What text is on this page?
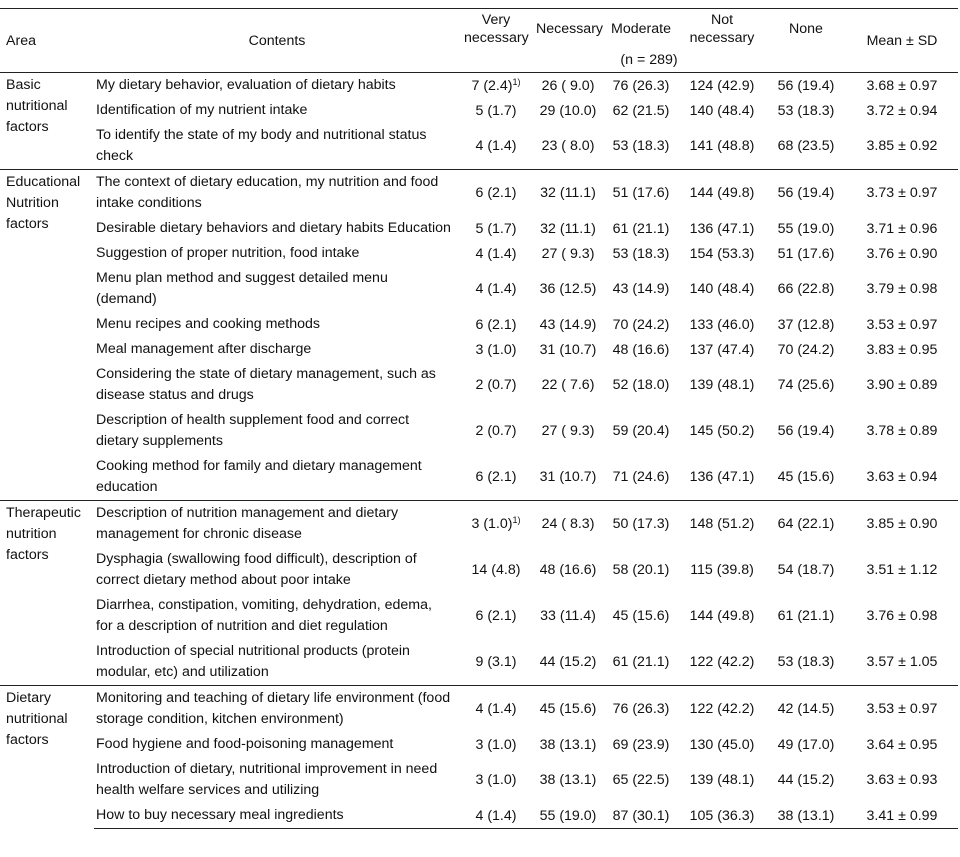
Area	Contents	Very necessary	Necessary	Moderate	Not necessary	None	Mean ± SD
			(n = 289)				
Basic nutritional factors	My dietary behavior, evaluation of dietary habits	7 $(2.4)^{1)}$	26 ( 9.0)	76 (26.3)	124 (42.9)	56 (19.4)	3.68 ± 0.97
	Identification of my nutrient intake	5 (1.7)	29 (10.0)	62 (21.5)	140 (48.4)	53 (18.3)	3.72 ± 0.94
	To identify the state of my body and nutritional status check	4 (1.4)	23 ( 8.0)	53 (18.3)	141 (48.8)	68 (23.5)	3.85 ± 0.92
Educational Nutrition factors	The context of dietary education, my nutrition and food intake conditions	6 (2.1)	32 (11.1)	51 (17.6)	144 (49.8)	56 (19.4)	3.73 ± 0.97
	Desirable dietary behaviors and dietary habits Education	5 (1.7)	32 (11.1)	61 (21.1)	136 (47.1)	55 (19.0)	3.71 ± 0.96
	Suggestion of proper nutrition, food intake	4 (1.4)	27 ( 9.3)	53 (18.3)	154 (53.3)	51 (17.6)	3.76 ± 0.90
	Menu plan method and suggest detailed menu (demand)	4 (1.4)	36 (12.5)	43 (14.9)	140 (48.4)	66 (22.8)	3.79 ± 0.98
	Menu recipes and cooking methods	6 (2.1)	43 (14.9)	70 (24.2)	133 (46.0)	37 (12.8)	3.53 ± 0.97
	Meal management after discharge	3 (1.0)	31 (10.7)	48 (16.6)	137 (47.4)	70 (24.2)	3.83 ± 0.95
	Considering the state of dietary management, such as disease status and drugs	2 (0.7)	22 ( 7.6)	52 (18.0)	139 (48.1)	74 (25.6)	3.90 ± 0.89
	Description of health supplement food and correct dietary supplements	2 (0.7)	27 ( 9.3)	59 (20.4)	145 (50.2)	56 (19.4)	3.78 ± 0.89
	Cooking method for family and dietary management education	6 (2.1)	31 (10.7)	71 (24.6)	136 (47.1)	45 (15.6)	3.63 ± 0.94
Therapeutic nutrition factors	Description of nutrition management and dietary management for chronic disease	3 $(1.0)^{1)}$	24 ( 8.3)	50 (17.3)	148 (51.2)	64 (22.1)	3.85 ± 0.90
	Dysphagia (swallowing food difficult), description of correct dietary method about poor intake	14 (4.8)	48 (16.6)	58 (20.1)	115 (39.8)	54 (18.7)	3.51 ± 1.12
	Diarrhea, constipation, vomiting, dehydration, edema, for a description of nutrition and diet regulation	6 (2.1)	33 (11.4)	45 (15.6)	144 (49.8)	61 (21.1)	3.76 ± 0.98
	Introduction of special nutritional products (protein modular, etc) and utilization	9 (3.1)	44 (15.2)	61 (21.1)	122 (42.2)	53 (18.3)	3.57 ± 1.05
Dietary nutritional factors	Monitoring and teaching of dietary life environment (food storage condition, kitchen environment)	4 (1.4)	45 (15.6)	76 (26.3)	122 (42.2)	42 (14.5)	3.53 ± 0.97
	Food hygiene and food-poisoning management	3 (1.0)	38 (13.1)	69 (23.9)	130 (45.0)	49 (17.0)	3.64 ± 0.95
	Introduction of dietary, nutritional improvement in need health welfare services and utilizing	3 (1.0)	38 (13.1)	65 (22.5)	139 (48.1)	44 (15.2)	3.63 ± 0.93
	How to buy necessary meal ingredients	4 (1.4)	55 (19.0)	87 (30.1)	105 (36.3)	38 (13.1)	3.41 ± 0.99
